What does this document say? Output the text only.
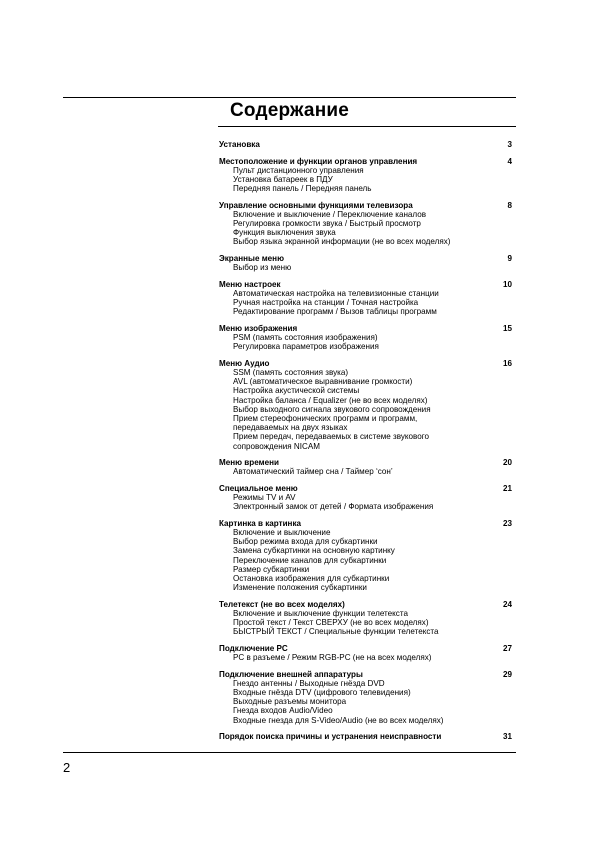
Содержание
Установка	3
Местоположение и функции органов управления	4
Пульт дистанционного управления
Установка батареек в ПДУ
Передняя панель / Передняя панель
Управление основными функциями телевизора	8
Включение и выключение / Переключение каналов
Регулировка громкости звука / Быстрый просмотр
Функция выключения звука
Выбор языка экранной информации (не во всех моделях)
Экранные меню	9
Выбор из меню
Меню настроек	10
Автоматическая настройка на телевизионные станции
Ручная настройка на станции / Точная настройка
Редактирование программ / Вызов таблицы программ
Меню изображения	15
PSM (память состояния изображения)
Регулировка параметров изображения
Меню Аудио	16
SSM (память состояния звука)
AVL (автоматическое выравнивание громкости)
Настройка акустической системы
Настройка баланса / Equalizer (не во всех моделях)
Выбор выходного сигнала звукового сопровождения
Прием стереофонических программ и программ,
передаваемых на двух языках
Прием передач, передаваемых в системе звукового
сопровождения NICAM
Меню времени	20
Автоматический таймер сна / Таймер ‘сон’
Специальное меню	21
Режимы TV и AV
Электронный замок от детей / Формата изображения
Картинка в картинка	23
Включение и выключение
Выбор режима входа для субкартинки
Замена субкартинки на основную картинку
Переключение каналов для субкартинки
Размер субкартинки
Остановка изображения для субкартинки
Изменение положения субкартинки
Телетекст (не во всех моделях)	24
Включение и выключение функции телетекста
Простой текст / Текст СВЕРХУ (не во всех моделях)
БЫСТРЫЙ ТЕКСТ / Специальные функции телетекста
Подключение PC	27
PC в разъеме / Режим RGB-PC (не на всех моделях)
Подключение внешней аппаратуры	29
Гнездо антенны / Выходные гнёзда DVD
Входные гнёзда DTV (цифрового телевидения)
Выходные разъемы монитора
Гнезда входов Audio/Video
Входные гнезда для S-Video/Audio (не во всех моделях)
Порядок поиска причины и устранения неисправности	31
2
